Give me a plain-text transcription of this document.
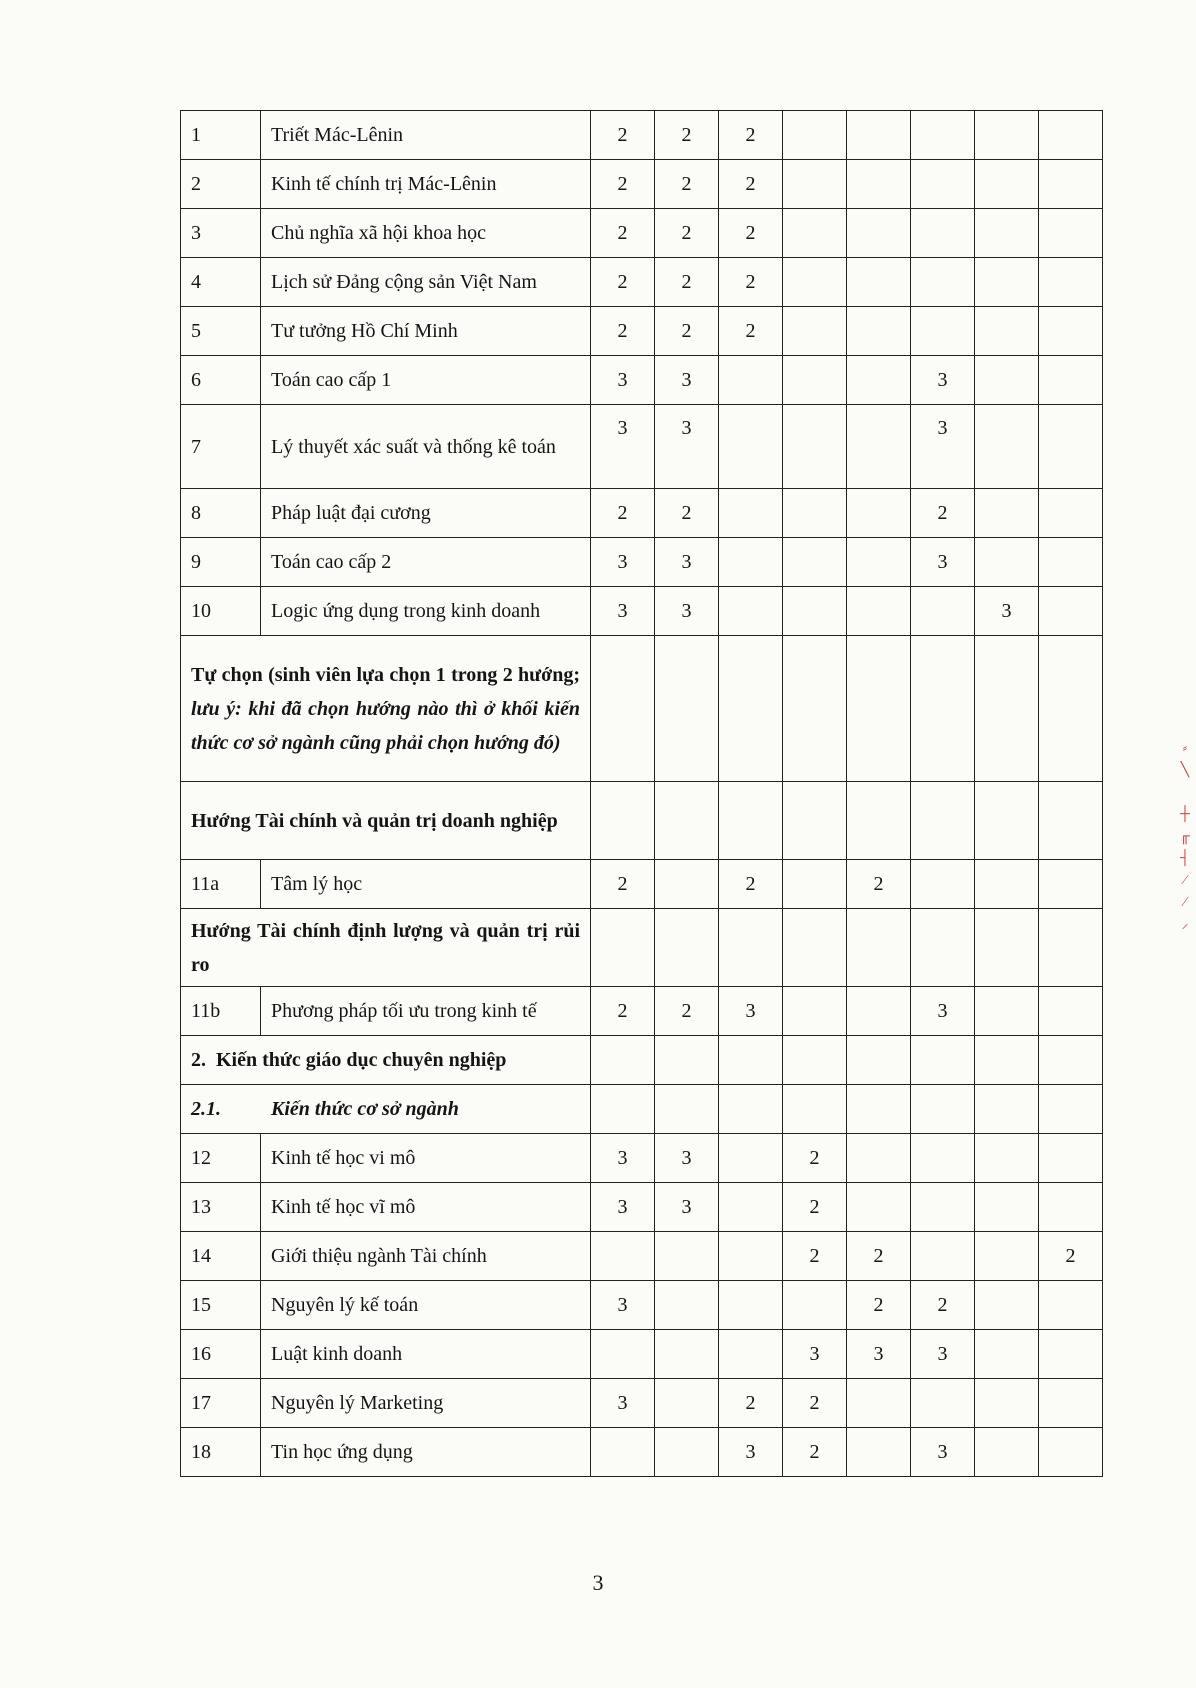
1	Triết Mác-Lênin	2	2	2					
2	Kinh tế chính trị Mác-Lênin	2	2	2					
3	Chủ nghĩa xã hội khoa học	2	2	2					
4	Lịch sử Đảng cộng sản Việt Nam	2	2	2					
5	Tư tưởng Hồ Chí Minh	2	2	2					
6	Toán cao cấp 1	3	3				3		
7	Lý thuyết xác suất và thống kê toán	3	3				3		
8	Pháp luật đại cương	2	2				2		
9	Toán cao cấp 2	3	3				3		
10	Logic ứng dụng trong kinh doanh	3	3					3	
Tự chọn (sinh viên lựa chọn 1 trong 2 hướng; lưu ý: khi đã chọn hướng nào thì ở khối kiến thức cơ sở ngành cũng phải chọn hướng đó)									
Hướng Tài chính và quản trị doanh nghiệp									
11a	Tâm lý học	2		2		2			
Hướng Tài chính định lượng và quản trị rủi ro									
11b	Phương pháp tối ưu trong kinh tế	2	2	3			3		
2.  Kiến thức giáo dục chuyên nghiệp									
2.1. Kiến thức cơ sở ngành									
12	Kinh tế học vi mô	3	3		2				
13	Kinh tế học vĩ mô	3	3		2				
14	Giới thiệu ngành Tài chính				2	2			2
15	Nguyên lý kế toán	3				2	2		
16	Luật kinh doanh				3	3	3		
17	Nguyên lý Marketing	3		2	2				
18	Tin học ứng dụng			3	2		3		
3
⸗
╲

┼
╓
┤
⁄
∕
⸝
